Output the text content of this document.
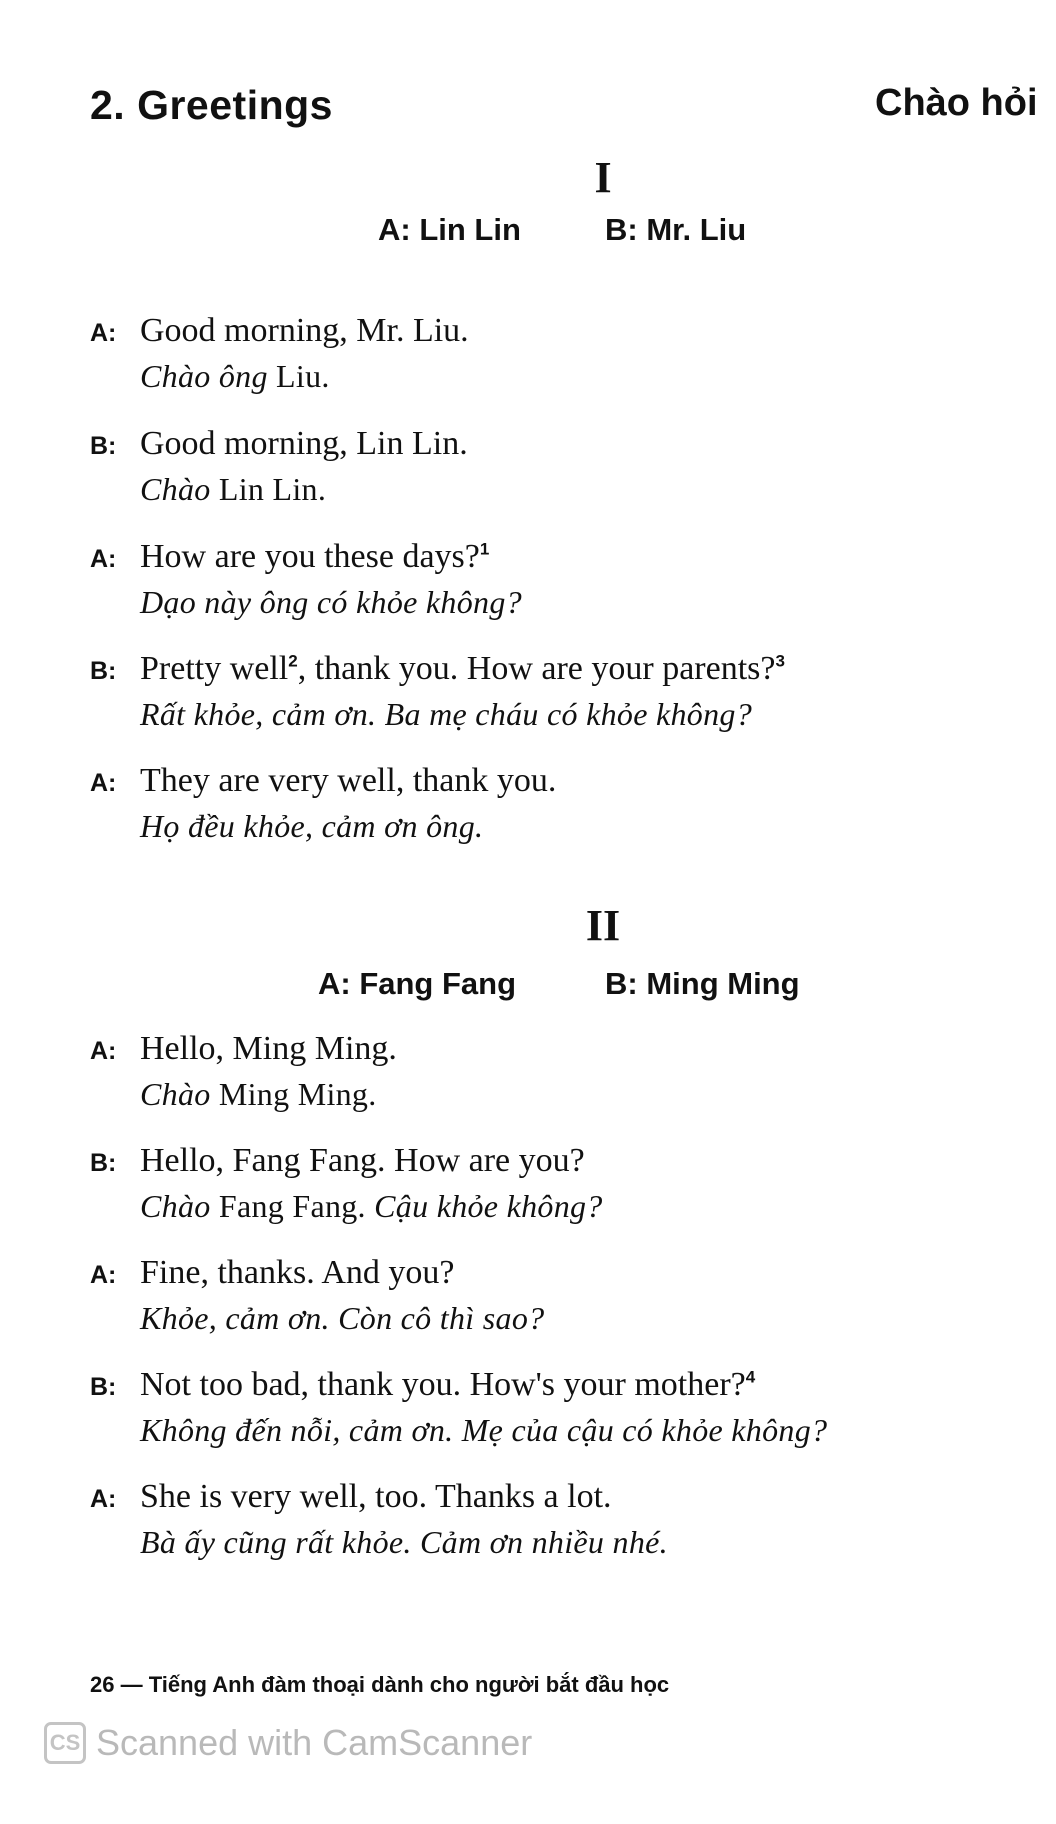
2. Greetings	Chào hỏi
I
A: Lin Lin	B: Mr. Liu
A: Good morning, Mr. Liu.
Chào ông Liu.
B: Good morning, Lin Lin.
Chào Lin Lin.
A: How are you these days?$^1$
Dạo này ông có khỏe không?
B: Pretty well$^2$, thank you. How are your parents?$^3$
Rất khỏe, cảm ơn. Ba mẹ cháu có khỏe không?
A: They are very well, thank you.
Họ đều khỏe, cảm ơn ông.
II
A: Fang Fang	B: Ming Ming
A: Hello, Ming Ming.
Chào Ming Ming.
B: Hello, Fang Fang. How are you?
Chào Fang Fang. Cậu khỏe không?
A: Fine, thanks. And you?
Khỏe, cảm ơn. Còn cô thì sao?
B: Not too bad, thank you. How's your mother?$^4$
Không đến nỗi, cảm ơn. Mẹ của cậu có khỏe không?
A: She is very well, too. Thanks a lot.
Bà ấy cũng rất khỏe. Cảm ơn nhiều nhé.
26 — Tiếng Anh đàm thoại dành cho người bắt đầu học
CS Scanned with CamScanner
